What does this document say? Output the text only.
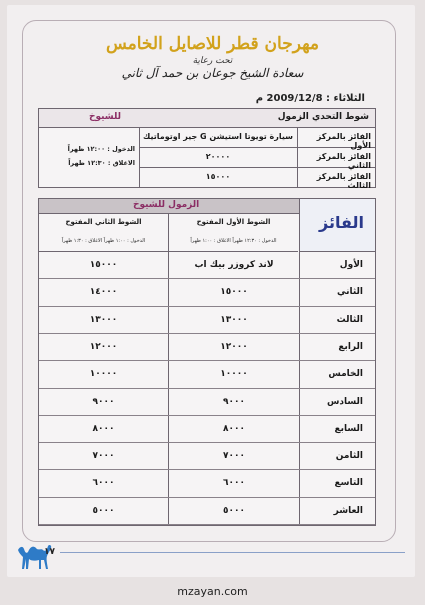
مهرجان قطر للاصايل الخامس
تحت رعاية
سعادة الشيخ جوعان بن حمد آل ثاني
الثلاثاء : 2009/12/8 م
شوط التحدي الزمول
للشيوخ
الفائز بالمركز الأول
سيارة تويوتا استيشن G جير اوتوماتيك
الفائز بالمركز الثاني
٢٠٠٠٠
الفائز بالمركز الثالث
١٥٠٠٠
الدخول : ١٢:٠٠ ظهراً
الاغلاق : ١٢:٣٠ ظهراً
الزمول للشيوخ
الفائز
الشوط الأول المفتوح
الدخول : ١٢:٣٠ ظهراً الاغلاق : ١:٠٠ ظهراً
الشوط الثاني المفتوح
الدخول : ١:٠٠ ظهراً الاغلاق : ١:٣٠ ظهراً
الأول
لاند كروزر بيك اب
١٥٠٠٠
الثاني
١٥٠٠٠
١٤٠٠٠
الثالث
١٣٠٠٠
١٣٠٠٠
الرابع
١٢٠٠٠
١٢٠٠٠
الخامس
١٠٠٠٠
١٠٠٠٠
السادس
٩٠٠٠
٩٠٠٠
السابع
٨٠٠٠
٨٠٠٠
الثامن
٧٠٠٠
٧٠٠٠
التاسع
٦٠٠٠
٦٠٠٠
العاشر
٥٠٠٠
٥٠٠٠
١٧
mzayan.com
